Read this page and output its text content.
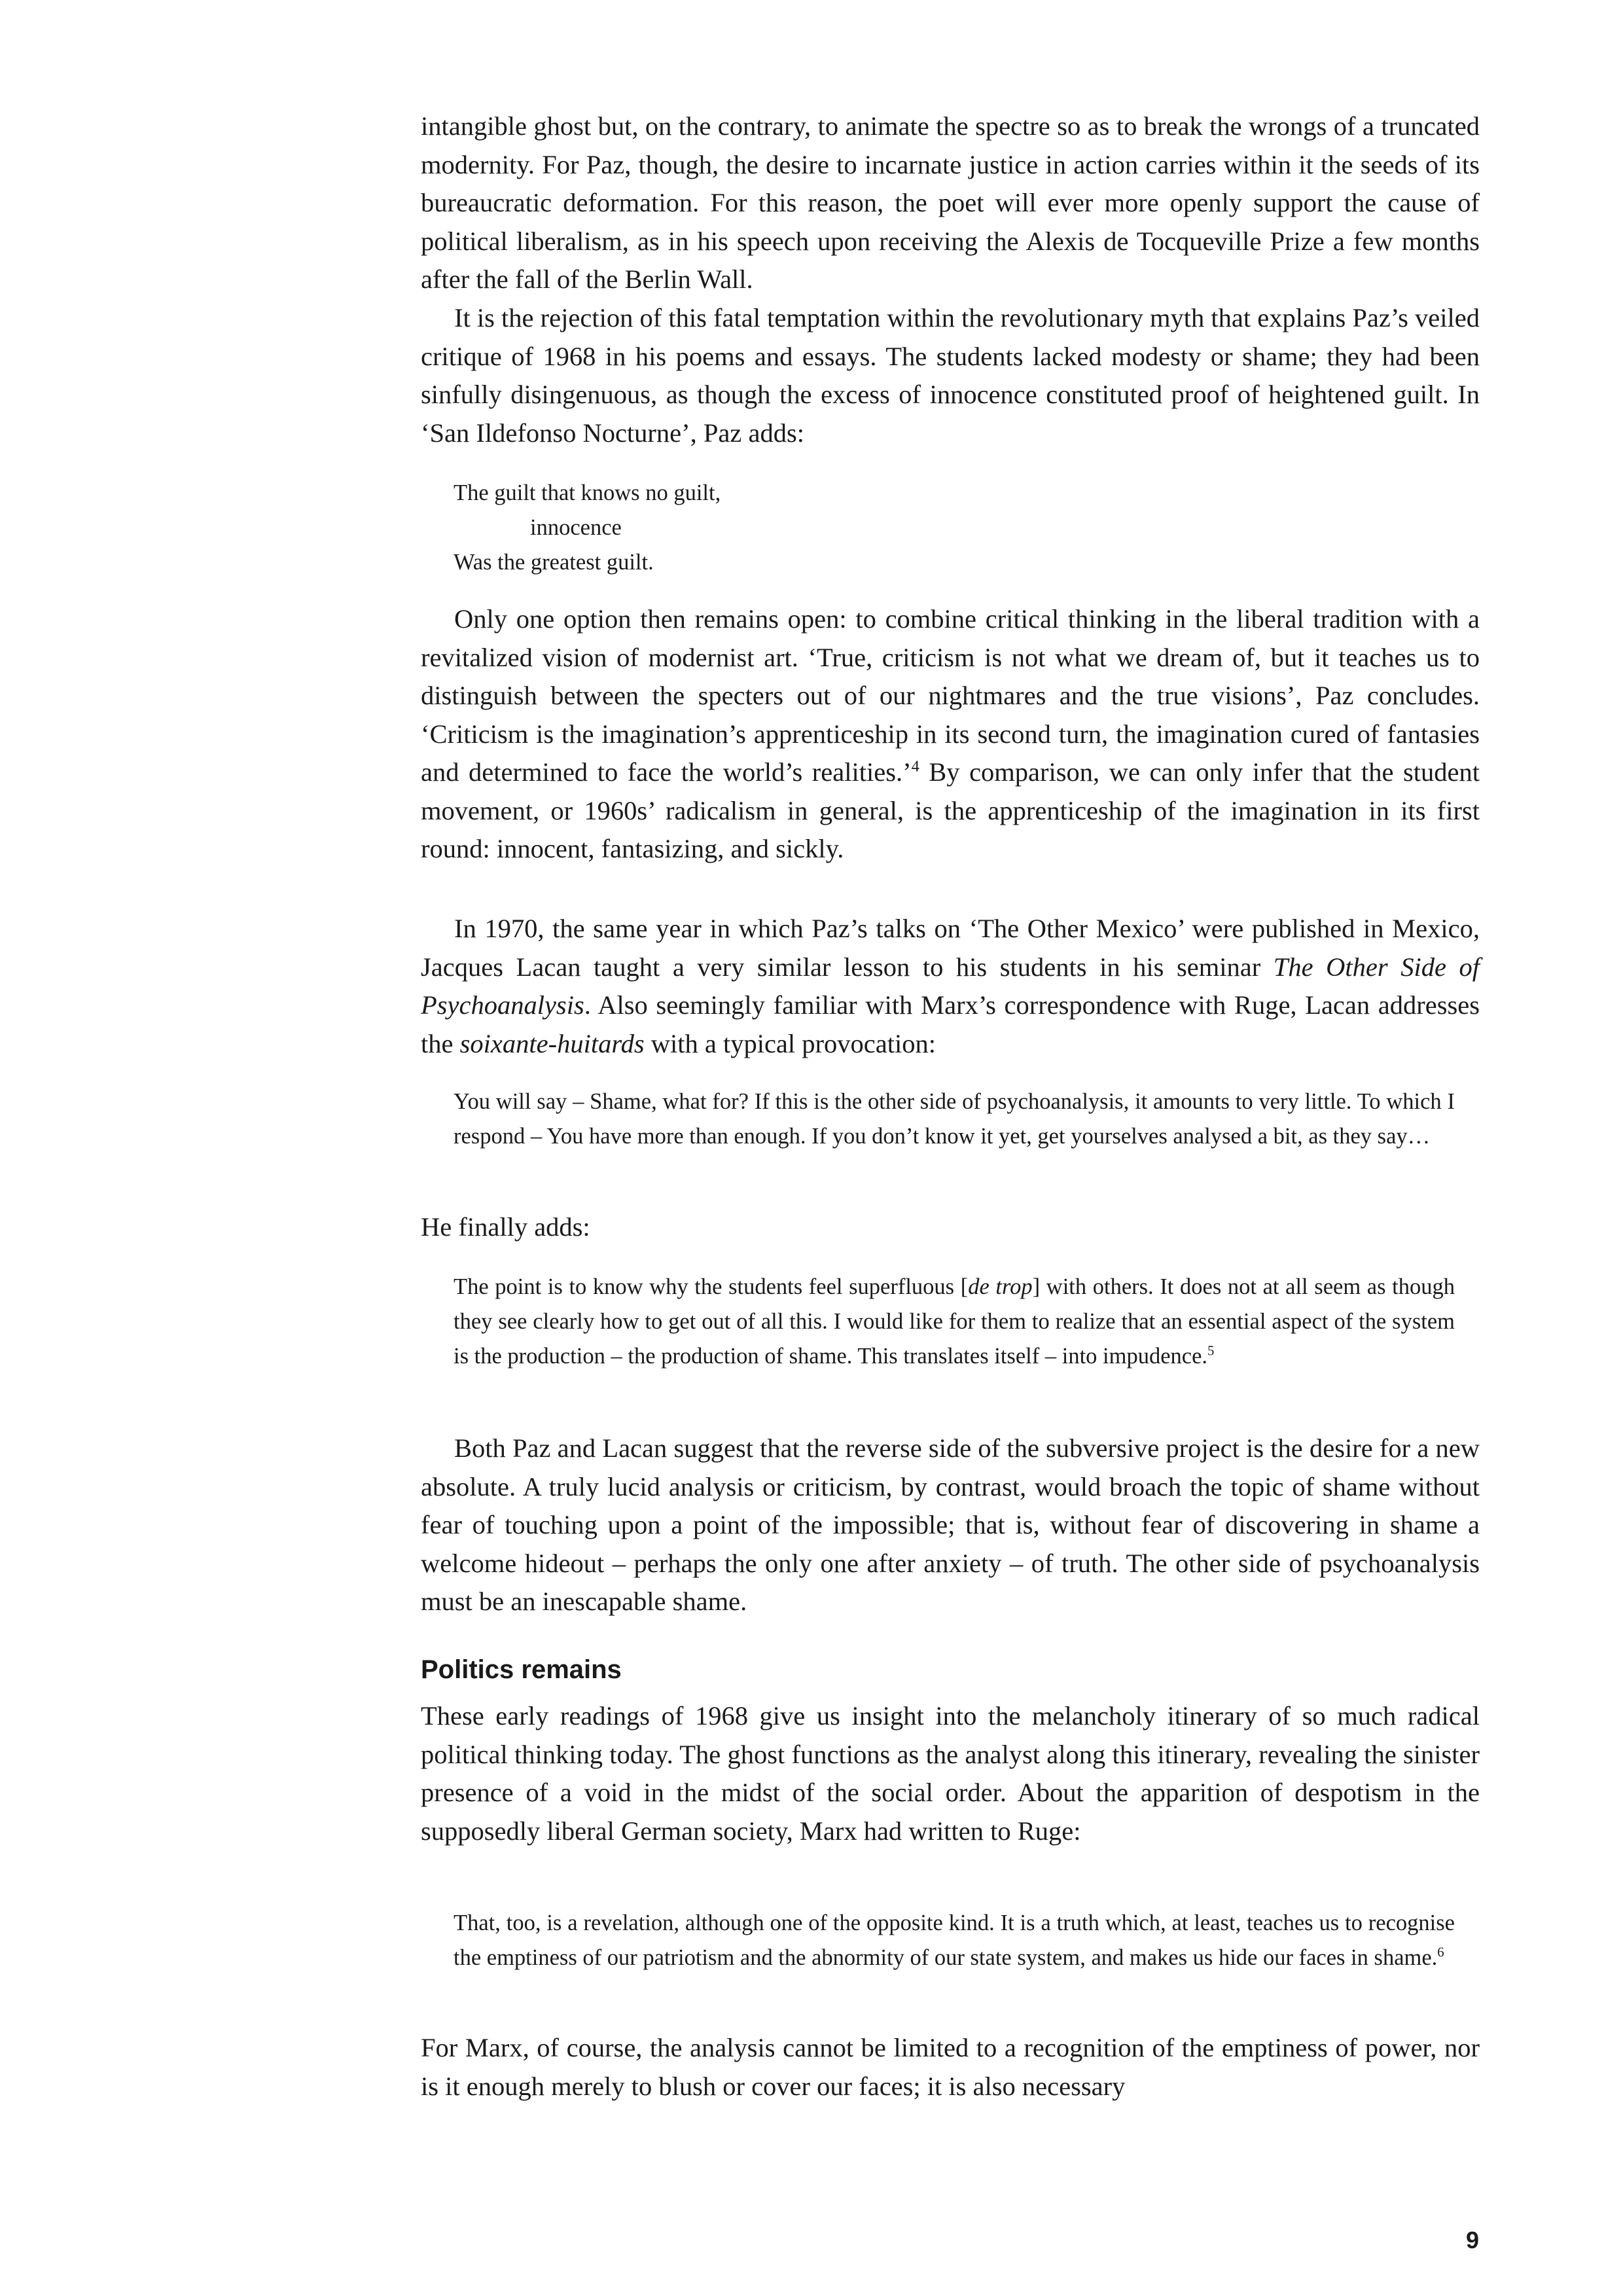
intangible ghost but, on the contrary, to animate the spectre so as to break the wrongs of a truncated modernity. For Paz, though, the desire to incarnate justice in action carries within it the seeds of its bureaucratic deformation. For this reason, the poet will ever more openly support the cause of political liberalism, as in his speech upon receiving the Alexis de Tocqueville Prize a few months after the fall of the Berlin Wall.

It is the rejection of this fatal temptation within the revolutionary myth that explains Paz’s veiled critique of 1968 in his poems and essays. The students lacked modesty or shame; they had been sinfully disingenuous, as though the excess of innocence constituted proof of heightened guilt. In ‘San Ildefonso Nocturne’, Paz adds:

The guilt that knows no guilt,

innocence

Was the greatest guilt.

Only one option then remains open: to combine critical thinking in the liberal tradition with a revitalized vision of modernist art. ‘True, criticism is not what we dream of, but it teaches us to distinguish between the specters out of our nightmares and the true visions’, Paz concludes. ‘Criticism is the imagination’s apprenticeship in its second turn, the imagination cured of fantasies and determined to face the world’s realities.’$^4$ By comparison, we can only infer that the student movement, or 1960s’ radicalism in general, is the apprenticeship of the imagination in its first round: innocent, fantasizing, and sickly.

In 1970, the same year in which Paz’s talks on ‘The Other Mexico’ were published in Mexico, Jacques Lacan taught a very similar lesson to his students in his seminar The Other Side of Psychoanalysis. Also seemingly familiar with Marx’s correspondence with Ruge, Lacan addresses the soixante-huitards with a typical provocation:

You will say – Shame, what for? If this is the other side of psychoanalysis, it amounts to very little. To which I respond – You have more than enough. If you don’t know it yet, get yourselves analysed a bit, as they say…

He finally adds:

The point is to know why the students feel superfluous [de trop] with others. It does not at all seem as though they see clearly how to get out of all this. I would like for them to realize that an essential aspect of the system is the production – the production of shame. This translates itself – into impudence.$^5$

Both Paz and Lacan suggest that the reverse side of the subversive project is the desire for a new absolute. A truly lucid analysis or criticism, by contrast, would broach the topic of shame without fear of touching upon a point of the impossible; that is, without fear of discovering in shame a welcome hideout – perhaps the only one after anxiety – of truth. The other side of psychoanalysis must be an inescapable shame.

Politics remains

These early readings of 1968 give us insight into the melancholy itinerary of so much radical political thinking today. The ghost functions as the analyst along this itinerary, revealing the sinister presence of a void in the midst of the social order. About the apparition of despotism in the supposedly liberal German society, Marx had written to Ruge:

That, too, is a revelation, although one of the opposite kind. It is a truth which, at least, teaches us to recognise the emptiness of our patriotism and the abnormity of our state system, and makes us hide our faces in shame.$^6$

For Marx, of course, the analysis cannot be limited to a recognition of the emptiness of power, nor is it enough merely to blush or cover our faces; it is also necessary

9
